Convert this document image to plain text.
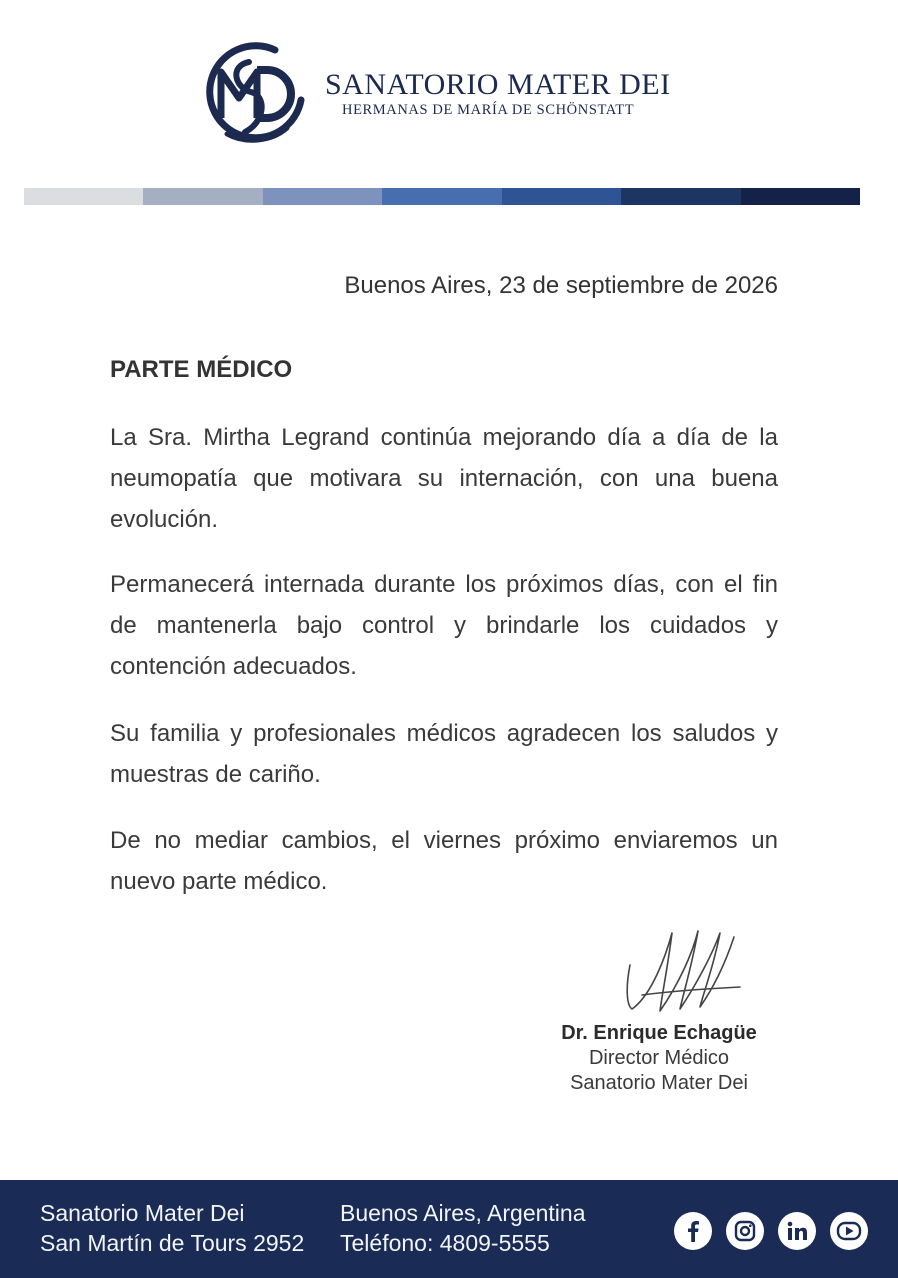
SANATORIO MATER DEI
HERMANAS DE MARÍA DE SCHÖNSTATT
Buenos Aires, 23 de septiembre de 2026
PARTE MÉDICO

La Sra. Mirtha Legrand continúa mejorando día a día de la neumopatía que motivara su internación, con una buena evolución.

Permanecerá internada durante los próximos días, con el fin de mantenerla bajo control y brindarle los cuidados y contención adecuados.

Su familia y profesionales médicos agradecen los saludos y muestras de cariño.

De no mediar cambios, el viernes próximo enviaremos un nuevo parte médico.

Dr. Enrique Echagüe
Director Médico
Sanatorio Mater Dei
Sanatorio Mater Dei
San Martín de Tours 2952
Buenos Aires, Argentina
Teléfono: 4809-5555
